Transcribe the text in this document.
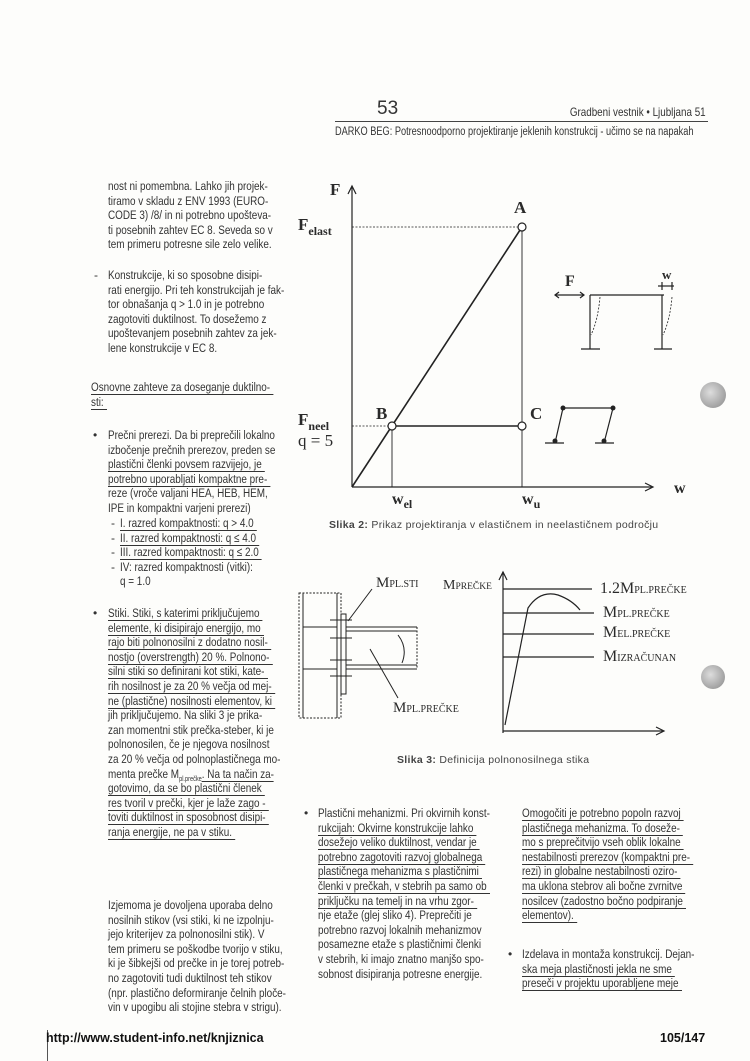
53	Gradbeni vestnik • Ljubljana 51
DARKO BEG: Potresnoodporno projektiranje jeklenih konstrukcij - učimo se na napakah
nost ni pomembna. Lahko jih projek-
tiramo v skladu z ENV 1993 (EURO-
CODE 3) /8/ in ni potrebno upošteva-
ti posebnih zahtev EC 8. Seveda so v
tem primeru potresne sile zelo velike.
- Konstrukcije, ki so sposobne disipi-
rati energijo. Pri teh konstrukcijah je fak-
tor obnašanja q > 1.0 in je potrebno
zagotoviti duktilnost. To dosežemo z
upoštevanjem posebnih zahtev za jek-
lene konstrukcije v EC 8.
Osnovne zahteve za doseganje duktilno-
sti:
• Prečni prerezi. Da bi preprečili lokalno
izbočenje prečnih prerezov, preden se
plastični členki povsem razvijejo, je
potrebno uporabljati kompaktne pre-
reze (vroče valjani HEA, HEB, HEM,
IPE in kompaktni varjeni prerezi)
-
-
-
-
I. razred kompaktnosti: q > 4.0
II. razred kompaktnosti: q ≤ 4.0
III. razred kompaktnosti: q ≤ 2.0
IV: razred kompaktnosti (vitki):
q = 1.0
• Stiki. Stiki, s katerimi priključujemo
elemente, ki disipirajo energijo, mo
rajo biti polnonosilni z dodatno nosil-
nostjo (overstrength) 20 %. Polnono-
silni stiki so definirani kot stiki, kate-
rih nosilnost je za 20 % večja od mej-
ne (plastične) nosilnosti elementov, ki
jih priključujemo. Na sliki 3 je prika-
zan momentni stik prečka-steber, ki je
polnonosilen, če je njegova nosilnost
za 20 % večja od polnoplastičnega mo-
menta prečke $M_{pl.prečke}$. Na ta način za-
gotovimo, da se bo plastični členek
res tvoril v prečki, kjer je laže zago -
toviti duktilnost in sposobnost disipi-
ranja energije, ne pa v stiku.
Izjemoma je dovoljena uporaba delno
nosilnih stikov (vsi stiki, ki ne izpolnju-
jejo kriterijev za polnonosilni stik). V
tem primeru se poškodbe tvorijo v stiku,
ki je šibkejši od prečke in je torej potreb-
no zagotoviti tudi duktilnost teh stikov
(npr. plastično deformiranje čelnih ploče-
vin v upogibu ali stojine stebra v strigu).
• Plastični mehanizmi. Pri okvirnih konst-
rukcijah: Okvirne konstrukcije lahko
dosežejo veliko duktilnost, vendar je
potrebno zagotoviti razvoj globalnega
plastičnega mehanizma s plastičnimi
členki v prečkah, v stebrih pa samo ob
priključku na temelj in na vrhu zgor-
nje etaže (glej sliko 4). Preprečiti je
potrebno razvoj lokalnih mehanizmov
posamezne etaže s plastičnimi členki
v stebrih, ki imajo znatno manjšo spo-
sobnost disipiranja potresne energije.
Omogočiti je potrebno popoln razvoj
plastičnega mehanizma. To doseže-
mo s preprečitvijo vseh oblik lokalne
nestabilnosti prerezov (kompaktni pre-
rezi) in globalne nestabilnosti oziro-
ma uklona stebrov ali bočne zvrnitve
nosilcev (zadostno bočno podpiranje
elementov).
• Izdelava in montaža konstrukcij. Dejan-
ska meja plastičnosti jekla ne sme
preseči v projektu uporabljene meje
F
$F_{elast}$
A
B	C
$F_{neel}$
q = 5
$w_{el}$	$w_u$
w
F	w
Slika 2: Prikaz projektiranja v elastičnem in neelastičnem področju
MPL.STI
MPL.PREČKE
MPREČKE	1.2MPL.PREČKE
MPL.PREČKE
MEL.PREČKE
MIZRAČUNAN
Slika 3: Definicija polnonosilnega stika
http://www.student-info.net/knjiznica	105/147
